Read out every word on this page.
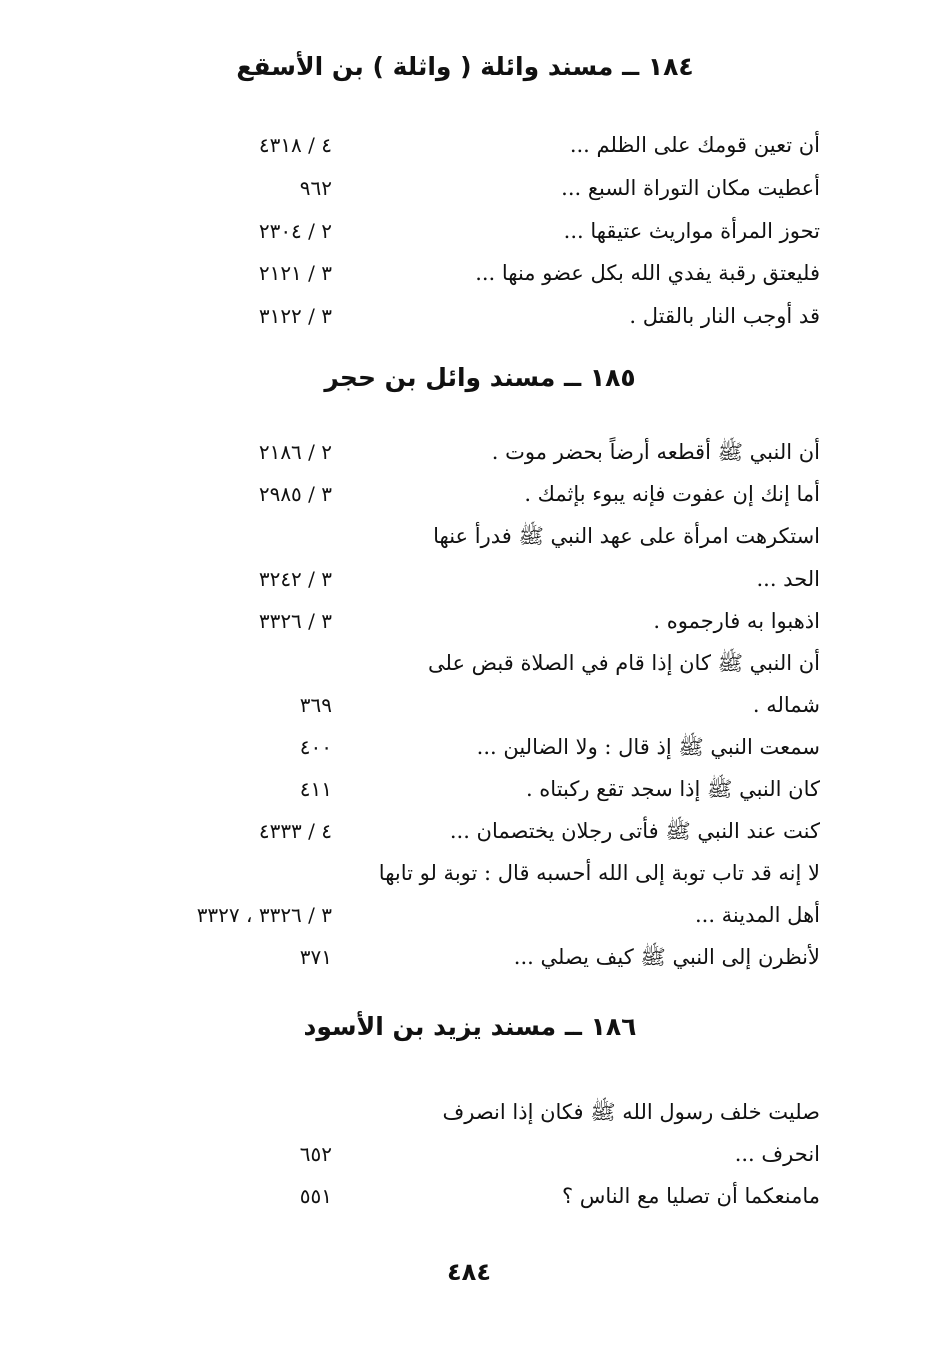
١٨٤ ــ مسند وائلة ( واثلة ) بن الأسقع
أن تعين قومك على الظلم ...
٤ / ٤٣١٨
أعطيت مكان التوراة السبع ...
٩٦٢
تحوز المرأة مواريث عتيقها ...
٢ / ٢٣٠٤
فليعتق رقبة يفدي الله بكل عضو منها ...
٣ / ٢١٢١
قد أوجب النار بالقتل .
٣ / ٣١٢٢
١٨٥ ــ مسند وائل بن حجر
أن النبي ﷺ أقطعه أرضاً بحضر موت .
٢ / ٢١٨٦
أما إنك إن عفوت فإنه يبوء بإثمك .
٣ / ٢٩٨٥
استكرهت امرأة على عهد النبي ﷺ فدرأ عنها
الحد ...
٣ / ٣٢٤٢
اذهبوا به فارجموه .
٣ / ٣٣٢٦
أن النبي ﷺ كان إذا قام في الصلاة قبض على
شماله .
٣٦٩
سمعت النبي ﷺ إذ قال : ولا الضالين ...
٤٠٠
كان النبي ﷺ إذا سجد تقع ركبتاه .
٤١١
كنت عند النبي ﷺ فأتى رجلان يختصمان ...
٤ / ٤٣٣٣
لا إنه قد تاب توبة إلى الله أحسبه قال : توبة لو تابها
أهل المدينة ...
٣ / ٣٣٢٦ ، ٣٣٢٧
لأنظرن إلى النبي ﷺ كيف يصلي ...
٣٧١
١٨٦ ــ مسند يزيد بن الأسود
صليت خلف رسول الله ﷺ فكان إذا انصرف
انحرف ...
٦٥٢
مامنعكما أن تصليا مع الناس ؟
٥٥١
٤٨٤
